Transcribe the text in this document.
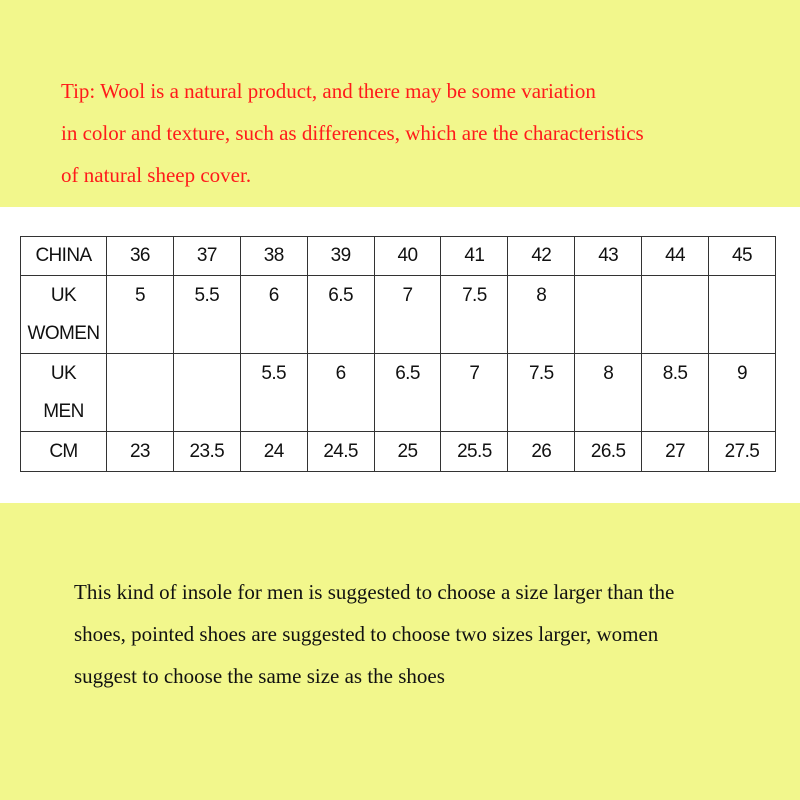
Tip: Wool is a natural product, and there may be some variation
in color and texture, such as differences, which are the characteristics
of natural sheep cover.
CHINA	36	37	38	39	40	41	42	43	44	45

UK
WOMEN	5	5.5	6	6.5	7	7.5	8			

UK
MEN			5.5	6	6.5	7	7.5	8	8.5	9
CM	23	23.5	24	24.5	25	25.5	26	26.5	27	27.5
This kind of insole for men is suggested to choose a size larger than the
shoes, pointed shoes are suggested to choose two sizes larger, women
suggest to choose the same size as the shoes
